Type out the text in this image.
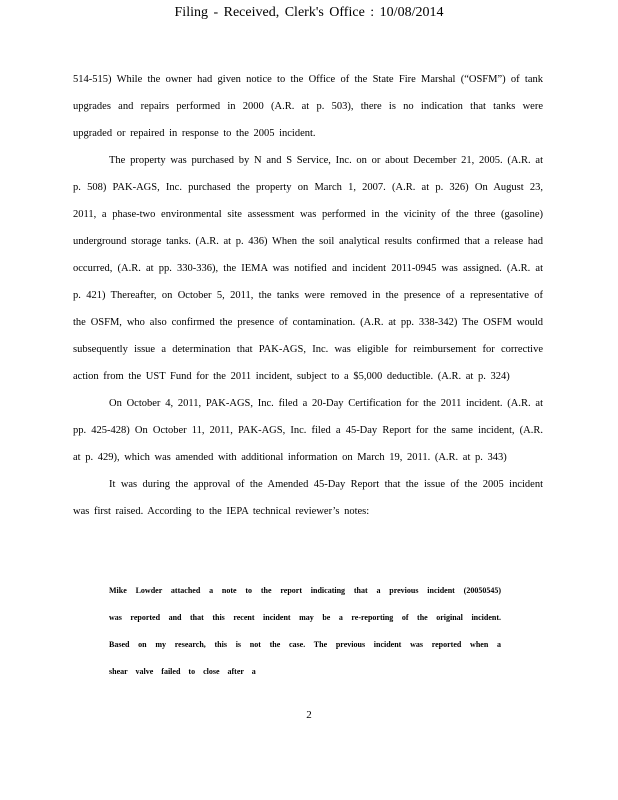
Filing - Received, Clerk's Office : 10/08/2014

514-515) While the owner had given notice to the Office of the State Fire Marshal (“OSFM”) of tank upgrades and repairs performed in 2000 (A.R. at p. 503), there is no indication that tanks were upgraded or repaired in response to the 2005 incident.

The property was purchased by N and S Service, Inc. on or about December 21, 2005. (A.R. at p. 508) PAK-AGS, Inc. purchased the property on March 1, 2007. (A.R. at p. 326) On August 23, 2011, a phase-two environmental site assessment was performed in the vicinity of the three (gasoline) underground storage tanks. (A.R. at p. 436) When the soil analytical results confirmed that a release had occurred, (A.R. at pp. 330-336), the IEMA was notified and incident 2011-0945 was assigned. (A.R. at p. 421) Thereafter, on October 5, 2011, the tanks were removed in the presence of a representative of the OSFM, who also confirmed the presence of contamination. (A.R. at pp. 338-342) The OSFM would subsequently issue a determination that PAK-AGS, Inc. was eligible for reimbursement for corrective action from the UST Fund for the 2011 incident, subject to a $5,000 deductible. (A.R. at p. 324)

On October 4, 2011, PAK-AGS, Inc. filed a 20-Day Certification for the 2011 incident. (A.R. at pp. 425-428) On October 11, 2011, PAK-AGS, Inc. filed a 45-Day Report for the same incident, (A.R. at p. 429), which was amended with additional information on March 19, 2011. (A.R. at p. 343)

It was during the approval of the Amended 45-Day Report that the issue of the 2005 incident was first raised. According to the IEPA technical reviewer’s notes:

Mike Lowder attached a note to the report indicating that a previous incident (20050545) was reported and that this recent incident may be a re-reporting of the original incident. Based on my research, this is not the case. The previous incident was reported when a shear valve failed to close after a

2
